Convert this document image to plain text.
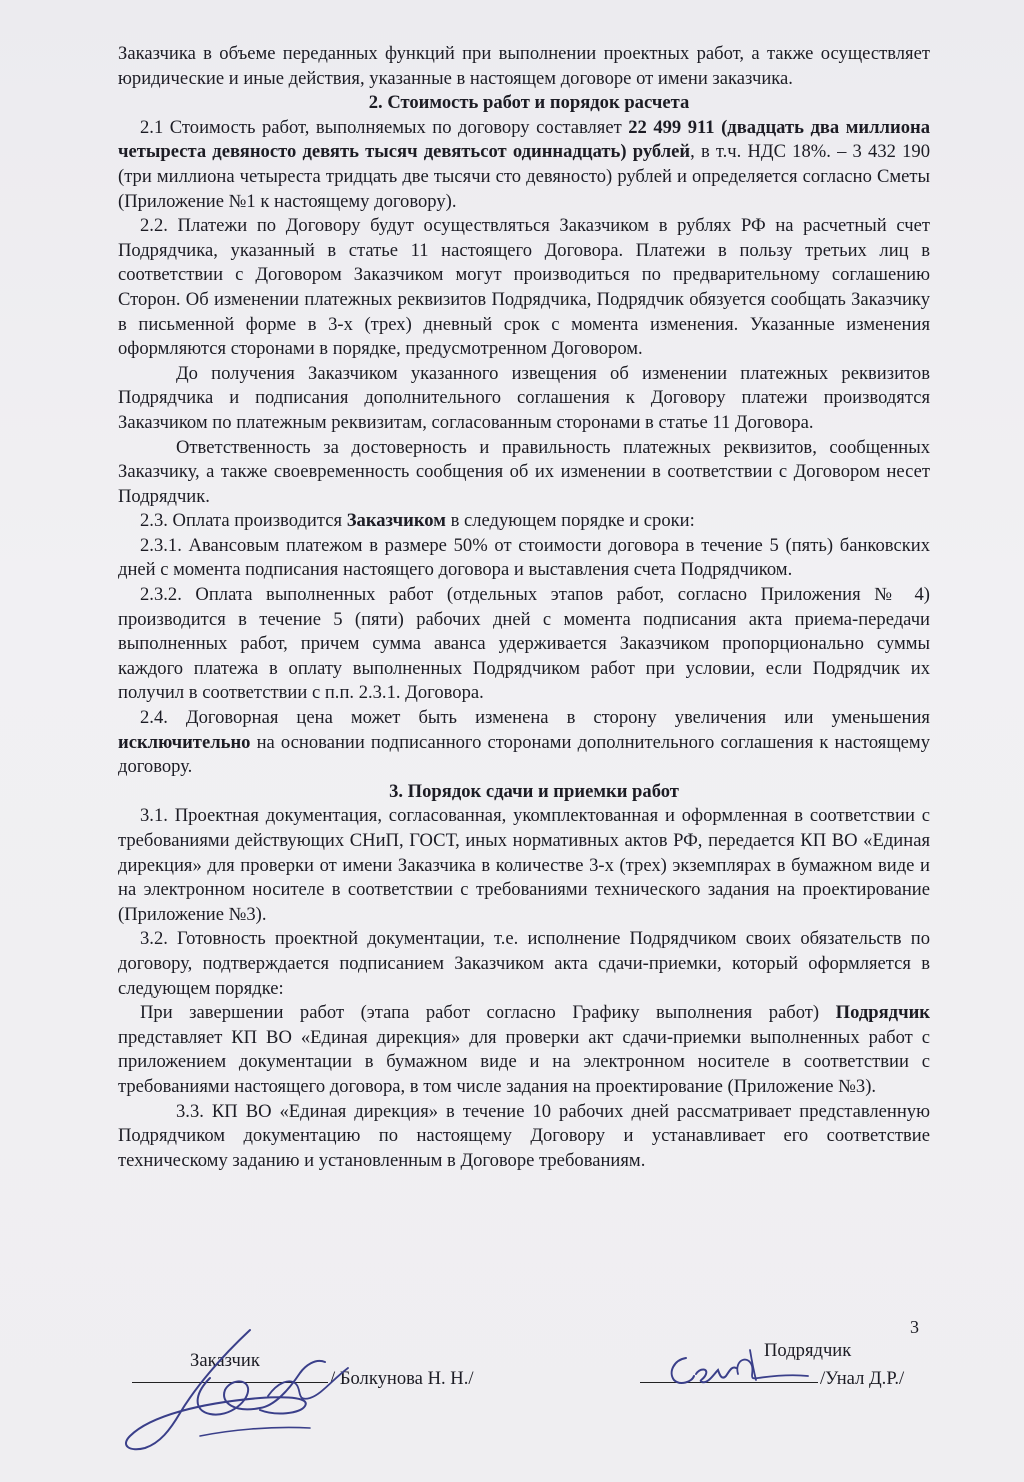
Заказчика в объеме переданных функций при выполнении проектных работ, а также осуществляет юридические и иные действия, указанные в настоящем договоре от имени заказчика.

2. Стоимость работ и порядок расчета

2.1 Стоимость работ, выполняемых по договору составляет 22 499 911 (двадцать два миллиона четыреста девяносто девять тысяч девятьсот одиннадцать) рублей, в т.ч. НДС 18%. – 3 432 190 (три миллиона четыреста тридцать две тысячи сто девяносто) рублей и определяется согласно Сметы (Приложение №1 к настоящему договору).

2.2. Платежи по Договору будут осуществляться Заказчиком в рублях РФ на расчетный счет Подрядчика, указанный в статье 11 настоящего Договора. Платежи в пользу третьих лиц в соответствии с Договором Заказчиком могут производиться по предварительному соглашению Сторон. Об изменении платежных реквизитов Подрядчика, Подрядчик обязуется сообщать Заказчику в письменной форме в 3-х (трех) дневный срок с момента изменения. Указанные изменения оформляются сторонами в порядке, предусмотренном Договором.

До получения Заказчиком указанного извещения об изменении платежных реквизитов Подрядчика и подписания дополнительного соглашения к Договору платежи производятся Заказчиком по платежным реквизитам, согласованным сторонами в статье 11 Договора.

Ответственность за достоверность и правильность платежных реквизитов, сообщенных Заказчику, а также своевременность сообщения об их изменении в соответствии с Договором несет Подрядчик.

2.3. Оплата производится Заказчиком в следующем порядке и сроки:

2.3.1. Авансовым платежом в размере 50% от стоимости договора в течение 5 (пять) банковских дней с момента подписания настоящего договора и выставления счета Подрядчиком.

2.3.2. Оплата выполненных работ (отдельных этапов работ, согласно Приложения № 4) производится в течение 5 (пяти) рабочих дней с момента подписания акта приема-передачи выполненных работ, причем сумма аванса удерживается Заказчиком пропорционально суммы каждого платежа в оплату выполненных Подрядчиком работ при условии, если Подрядчик их получил в соответствии с п.п. 2.3.1. Договора.

2.4. Договорная цена может быть изменена в сторону увеличения или уменьшения исключительно на основании подписанного сторонами дополнительного соглашения к настоящему договору.

3. Порядок сдачи и приемки работ

3.1. Проектная документация, согласованная, укомплектованная и оформленная в соответствии с требованиями действующих СНиП, ГОСТ, иных нормативных актов РФ, передается КП ВО «Единая дирекция» для проверки от имени Заказчика в количестве 3-х (трех) экземплярах в бумажном виде и на электронном носителе в соответствии с требованиями технического задания на проектирование (Приложение №3).

3.2. Готовность проектной документации, т.е. исполнение Подрядчиком своих обязательств по договору, подтверждается подписанием Заказчиком акта сдачи-приемки, который оформляется в следующем порядке:

При завершении работ (этапа работ согласно Графику выполнения работ) Подрядчик представляет КП ВО «Единая дирекция» для проверки акт сдачи-приемки выполненных работ с приложением документации в бумажном виде и на электронном носителе в соответствии с требованиями настоящего договора, в том числе задания на проектирование (Приложение №3).

3.3. КП ВО «Единая дирекция» в течение 10 рабочих дней рассматривает представленную Подрядчиком документацию по настоящему Договору и устанавливает его соответствие техническому заданию и установленным в Договоре требованиям.

3
Заказчик
/ Болкунова Н. Н./
Подрядчик
/Унал Д.Р./
